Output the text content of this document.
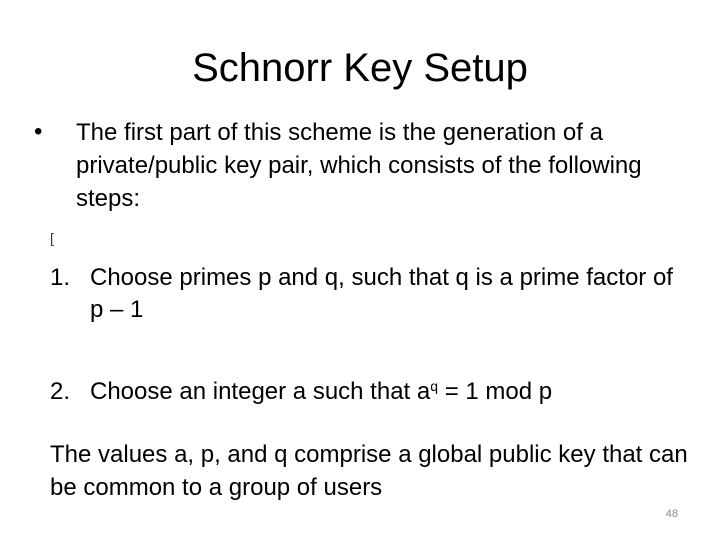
Schnorr Key Setup
•	The first part of this scheme is the generation of a private/public key pair, which consists of the following steps:
[
1. Choose primes p and q, such that q is a prime factor of p – 1
2. Choose an integer a such that $a^q = 1$ mod p
The values a, p, and q comprise a global public key that can be common to a group of users
48
